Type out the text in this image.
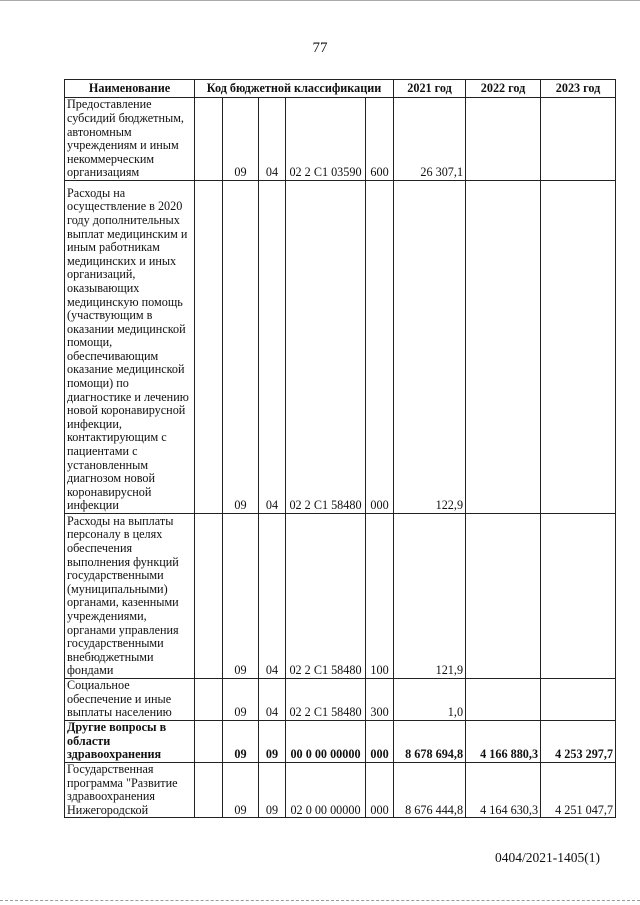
77
Наименование	Код бюджетной классификации					2021 год	2022 год	2023 год
Предоставление субсидий бюджетным, автономным учреждениям и иным некоммерческим организациям		09	04	02 2 С1 03590	600	26 307,1		
Расходы на осуществление в 2020 году дополнительных выплат медицинским и иным работникам медицинских и иных организаций, оказывающих медицинскую помощь (участвующим в оказании медицинской помощи, обеспечивающим оказание медицинской помощи) по диагностике и лечению новой коронавирусной инфекции, контактирующим с пациентами с установленным диагнозом новой коронавирусной инфекции		09	04	02 2 С1 58480	000	122,9		
Расходы на выплаты персоналу в целях обеспечения выполнения функций государственными (муниципальными) органами, казенными учреждениями, органами управления государственными внебюджетными фондами		09	04	02 2 С1 58480	100	121,9		
Социальное обеспечение и иные выплаты населению		09	04	02 2 С1 58480	300	1,0		
Другие вопросы в области здравоохранения		09	09	00 0 00 00000	000	8 678 694,8	4 166 880,3	4 253 297,7
Государственная программа "Развитие здравоохранения Нижегородской		09	09	02 0 00 00000	000	8 676 444,8	4 164 630,3	4 251 047,7
0404/2021-1405(1)
